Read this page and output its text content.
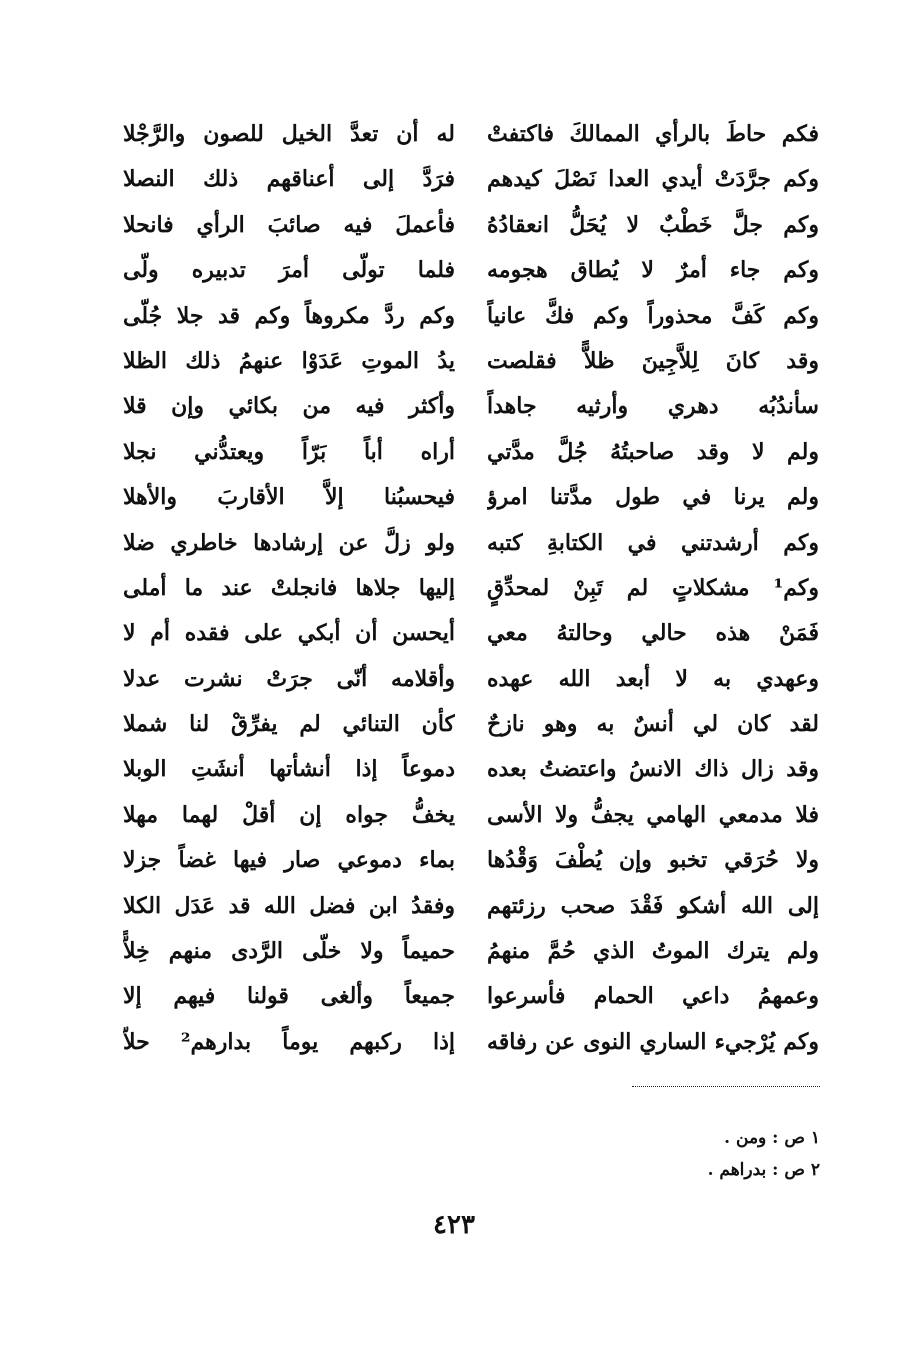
فكم حاطَ بالرأي الممالكَ فاكتفتْ
وكم جرَّدَتْ أيدي العدا نَصْلَ كيدهم
وكم جلَّ خَطْبٌ لا يُحَلُّ انعقادُهُ
وكم جاء أمرٌ لا يُطاق هجومه
وكم كَفَّ محذوراً وكم فكَّ عانياً
وقد كانَ لِلاَّجِينَ ظلاًّ فقلصت
سأندُبُه دهري وأرثيه جاهداً
ولم لا وقد صاحبتُهُ جُلَّ مدَّتي
ولم يرنا في طول مدَّتنا امرؤ
وكم أرشدتني في الكتابةِ كتبه
وكم¹ مشكلاتٍ لم تَبِنْ لمحدِّقٍ
فَمَنْ هذه حالي وحالتهُ معي
وعهدي به لا أبعد الله عهده
لقد كان لي أنسٌ به وهو نازحٌ
وقد زال ذاك الانسُ واعتضتُ بعده
فلا مدمعي الهامي يجفُّ ولا الأسى
ولا حُرَقي تخبو وإن يُطْفَ وَقْدُها
إلى الله أشكو فَقْدَ صحب رزئتهم
ولم يترك الموتُ الذي حُمَّ منهمُ
وعمهمُ داعي الحمام فأسرعوا
وكم يُرْجيء الساري النوى عن رفاقه
له أن تعدَّ الخيل للصون والرَّجْلا
فرَدَّ إلى أعناقهم ذلك النصلا
فأعملَ فيه صائبَ الرأي فانحلا
فلما تولّى أمرَ تدبيره ولّى
وكم ردَّ مكروهاً وكم قد جلا جُلّى
يدُ الموتِ عَدَوْا عنهمُ ذلك الظلا
وأكثر فيه من بكائي وإن قلا
أراه أباً بَرّاً ويعتدُّني نجلا
فيحسبُنا إلاَّ الأقاربَ والأهلا
ولو زلَّ عن إرشادها خاطري ضلا
إليها جلاها فانجلتْ عند ما أملى
أيحسن أن أبكي على فقده أم لا
وأقلامه أنّى جرَتْ نشرت عدلا
كأن التنائي لم يفرِّقْ لنا شملا
دموعاً إذا أنشأتها أنشَتِ الوبلا
يخفُّ جواه إن أقلْ لهما مهلا
بماء دموعي صار فيها غضاً جزلا
وفقدُ ابن فضل الله قد عَدَل الكلا
حميماً ولا خلّى الرَّدى منهم خِلاًّ
جميعاً وألغى قولنا فيهم إلا
إذا ركبهم يوماً بدارهم² حلاّ
١ ص : ومن .
٢ ص : بدراهم .
٤٢٣
